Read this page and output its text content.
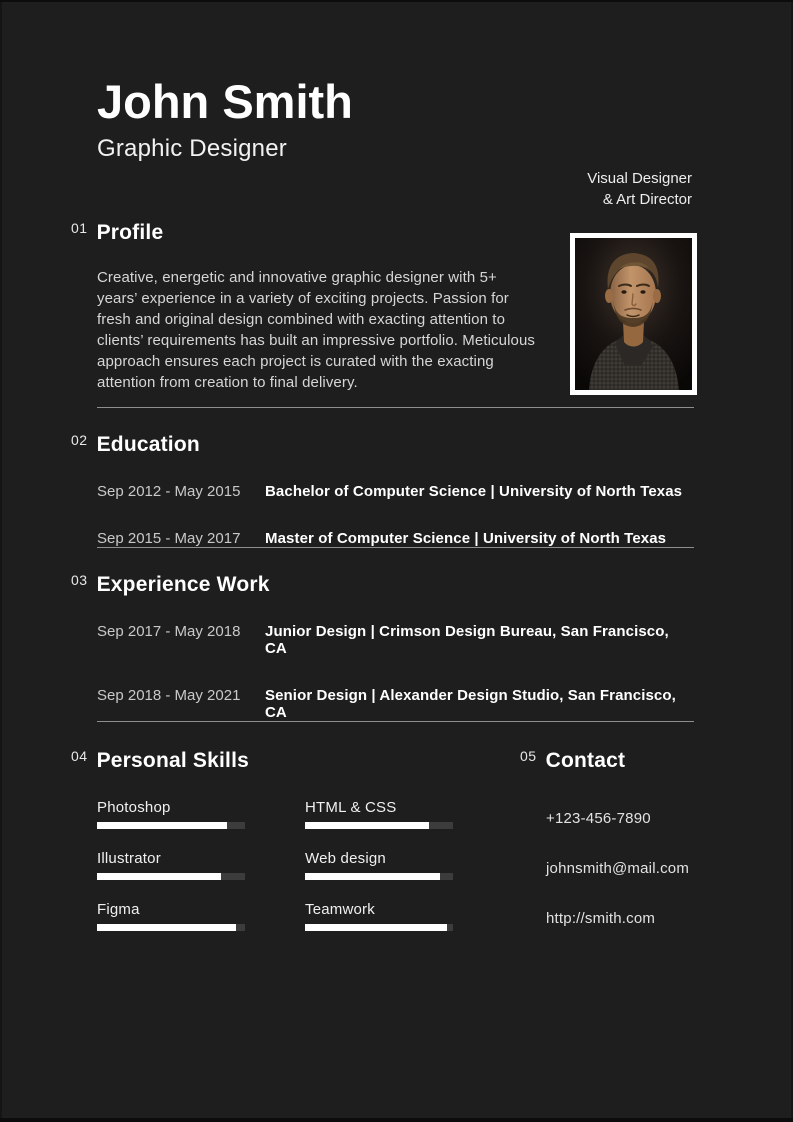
John Smith
Graphic Designer
01 Profile

Creative, energetic and innovative graphic designer with 5+ years’ experience in a variety of exciting projects. Passion for fresh and original design combined with exacting attention to clients’ requirements has built an impressive portfolio. Meticulous approach ensures each project is curated with the exacting attention from creation to final delivery.

02 Education
Sep 2012 - May 2015	Bachelor of Computer Science | University of North Texas
Sep 2015 - May 2017	Master of Computer Science | University of North Texas
03 Experience Work
Sep 2017 - May 2018	Junior Design | Crimson Design Bureau, San Francisco, CA
Sep 2018 - May 2021	Senior Design | Alexander Design Studio, San Francisco, CA
04 Personal Skills
Photoshop	HTML & CSS
Illustrator	Web design
Figma	Teamwork
05 Contact
+123-456-7890
johnsmith@mail.com
http://smith.com
Visual Designer
& Art Director
